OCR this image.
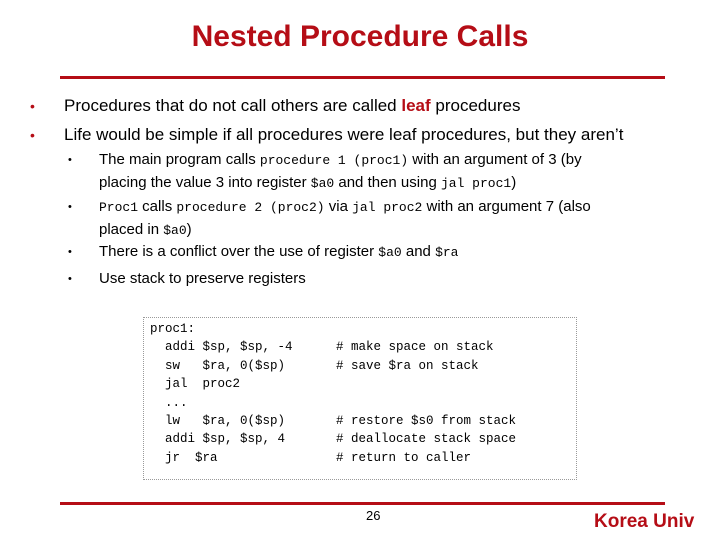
Nested Procedure Calls
• Procedures that do not call others are called leaf procedures
• Life would be simple if all procedures were leaf procedures, but they aren’t
• The main program calls procedure 1 (proc1) with an argument of 3 (by
placing the value 3 into register $a0 and then using jal proc1)
• Proc1 calls procedure 2 (proc2) via jal proc2 with an argument 7 (also
placed in $a0)
• There is a conflict over the use of register $a0 and $ra
• Use stack to preserve registers
proc1:
addi $sp, $sp, -4
sw   $ra, 0($sp)
jal  proc2
...
lw   $ra, 0($sp)
addi $sp, $sp, 4
jr  $ra

# make space on stack
# save $ra on stack

# restore $s0 from stack
# deallocate stack space
# return to caller
26	Korea Univ
